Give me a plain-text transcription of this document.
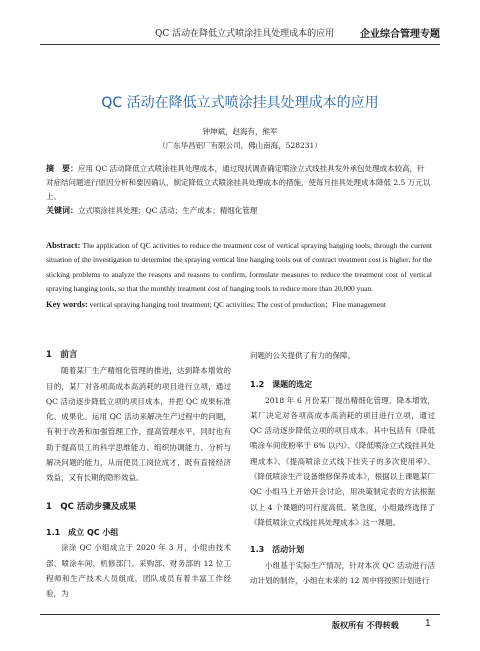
QC 活动在降低立式喷涂挂具处理成本的应用	企业综合管理专题
QC 活动在降低立式喷涂挂具处理成本的应用
钟坤斌，赵海有，熊军
（广东华昌铝厂有限公司，佛山南海，528231）
摘　要：应用 QC 活动降低立式喷涂挂具处理成本，通过现状调查确定喷涂立式线挂具发外承包处理成本较高，针对症结问题进行原因分析和要因确认，制定降低立式喷涂挂具处理成本的措施，使每月挂具处理成本降低 2.5 万元以上。
关键词：立式喷涂挂具处理；QC 活动；生产成本；精细化管理
Abstract: The application of QC activities to reduce the treatment cost of vertical spraying hanging tools, through the current situation of the investigation to determine the spraying vertical line hanging tools out of contract treatment cost is higher, for the sticking problems to analyze the reasons and reasons to confirm, formulate measures to reduce the treatment cost of vertical spraying hanging tools, so that the monthly treatment cost of hanging tools to reduce more than 20,000 yuan.
Key words: vertical spraying hanging tool treatment; QC activities; The cost of production；Fine management
1　前言

随着某厂生产精细化管理的推进，达到降本增效的目的，某厂对各项高成本高消耗的项目进行立项，通过 QC 活动逐步降低立项的项目成本，并把 QC 成果标准化、成果化。运用 QC 活动来解决生产过程中的问题，有利于改善和加强管理工作，提高管理水平，同时也有助于提高员工的科学思维能力、组织协调能力、分析与解决问题的能力，从而使员工岗位成才，既有直接经济效益，又有长期的隐形效益。

1　QC 活动步骤及成果
1.1　成立 QC 小组

涂涂 QC 小组成立于 2020 年 3 月，小组由技术部、喷涂车间、机修部门、采购部、财务部的 12 位工程师和生产技术人员组成，团队成员有着丰富工作经验，为

问题的公关提供了有力的保障。

1.2　课题的选定

2018 年 6 月份某厂提出精细化管理、降本增效，某厂决定对各项高成本高消耗的项目进行立项，通过 QC 活动逐步降低立项的项目成本。其中包括有《降低喷涂车间废粉率于 6% 以内》、《降低喷涂立式线挂具处理成本》、《提高喷涂立式线下挂夹子的多次使用率》、《降低喷涂生产设备维修保养成本》，根据以上课题某厂 QC 小组马上开始开会讨论，用决策制定表的方法根据以上 4 个课题的可行度高低、紧急度，小组最终选择了《降低喷涂立式线挂具处理成本》这一课题。

1.3　活动计划

小组基于实际生产情况，针对本次 QC 活动进行活动计划的制作，小组在未来的 12 周中将按照计划进行

版权所有 不得转载	1
